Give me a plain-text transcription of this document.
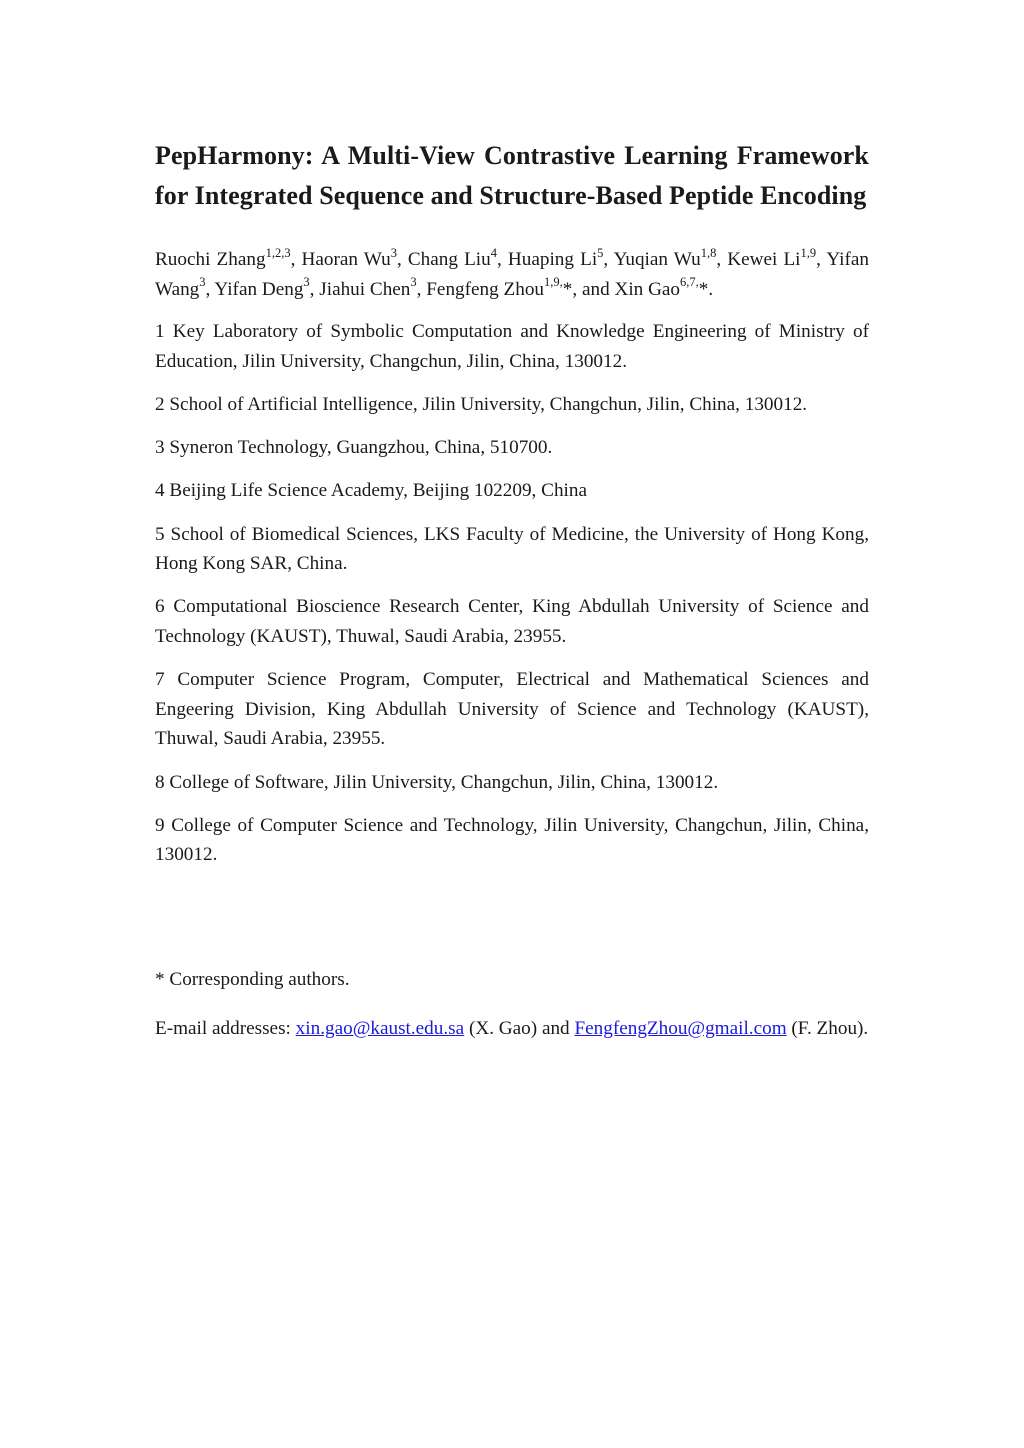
PepHarmony: A Multi-View Contrastive Learning Framework for Integrated Sequence and Structure-Based Peptide Encoding

Ruochi Zhang$^{1,2,3}$, Haoran Wu$^3$, Chang Liu$^4$, Huaping Li$^5$, Yuqian Wu$^{1,8}$, Kewei Li$^{1,9}$, Yifan Wang$^3$, Yifan Deng$^3$, Jiahui Chen$^3$, Fengfeng Zhou$^{1,9,}$*, and Xin Gao$^{6,7,}$*.

1 Key Laboratory of Symbolic Computation and Knowledge Engineering of Ministry of Education, Jilin University, Changchun, Jilin, China, 130012.

2 School of Artificial Intelligence, Jilin University, Changchun, Jilin, China, 130012.

3 Syneron Technology, Guangzhou, China, 510700.

4 Beijing Life Science Academy, Beijing 102209, China

5 School of Biomedical Sciences, LKS Faculty of Medicine, the University of Hong Kong, Hong Kong SAR, China.

6 Computational Bioscience Research Center, King Abdullah University of Science and Technology (KAUST), Thuwal, Saudi Arabia, 23955.

7 Computer Science Program, Computer, Electrical and Mathematical Sciences and Engeering Division, King Abdullah University of Science and Technology (KAUST), Thuwal, Saudi Arabia, 23955.

8 College of Software, Jilin University, Changchun, Jilin, China, 130012.

9 College of Computer Science and Technology, Jilin University, Changchun, Jilin, China, 130012.

* Corresponding authors.

E-mail addresses: xin.gao@kaust.edu.sa (X. Gao) and FengfengZhou@gmail.com (F. Zhou).
